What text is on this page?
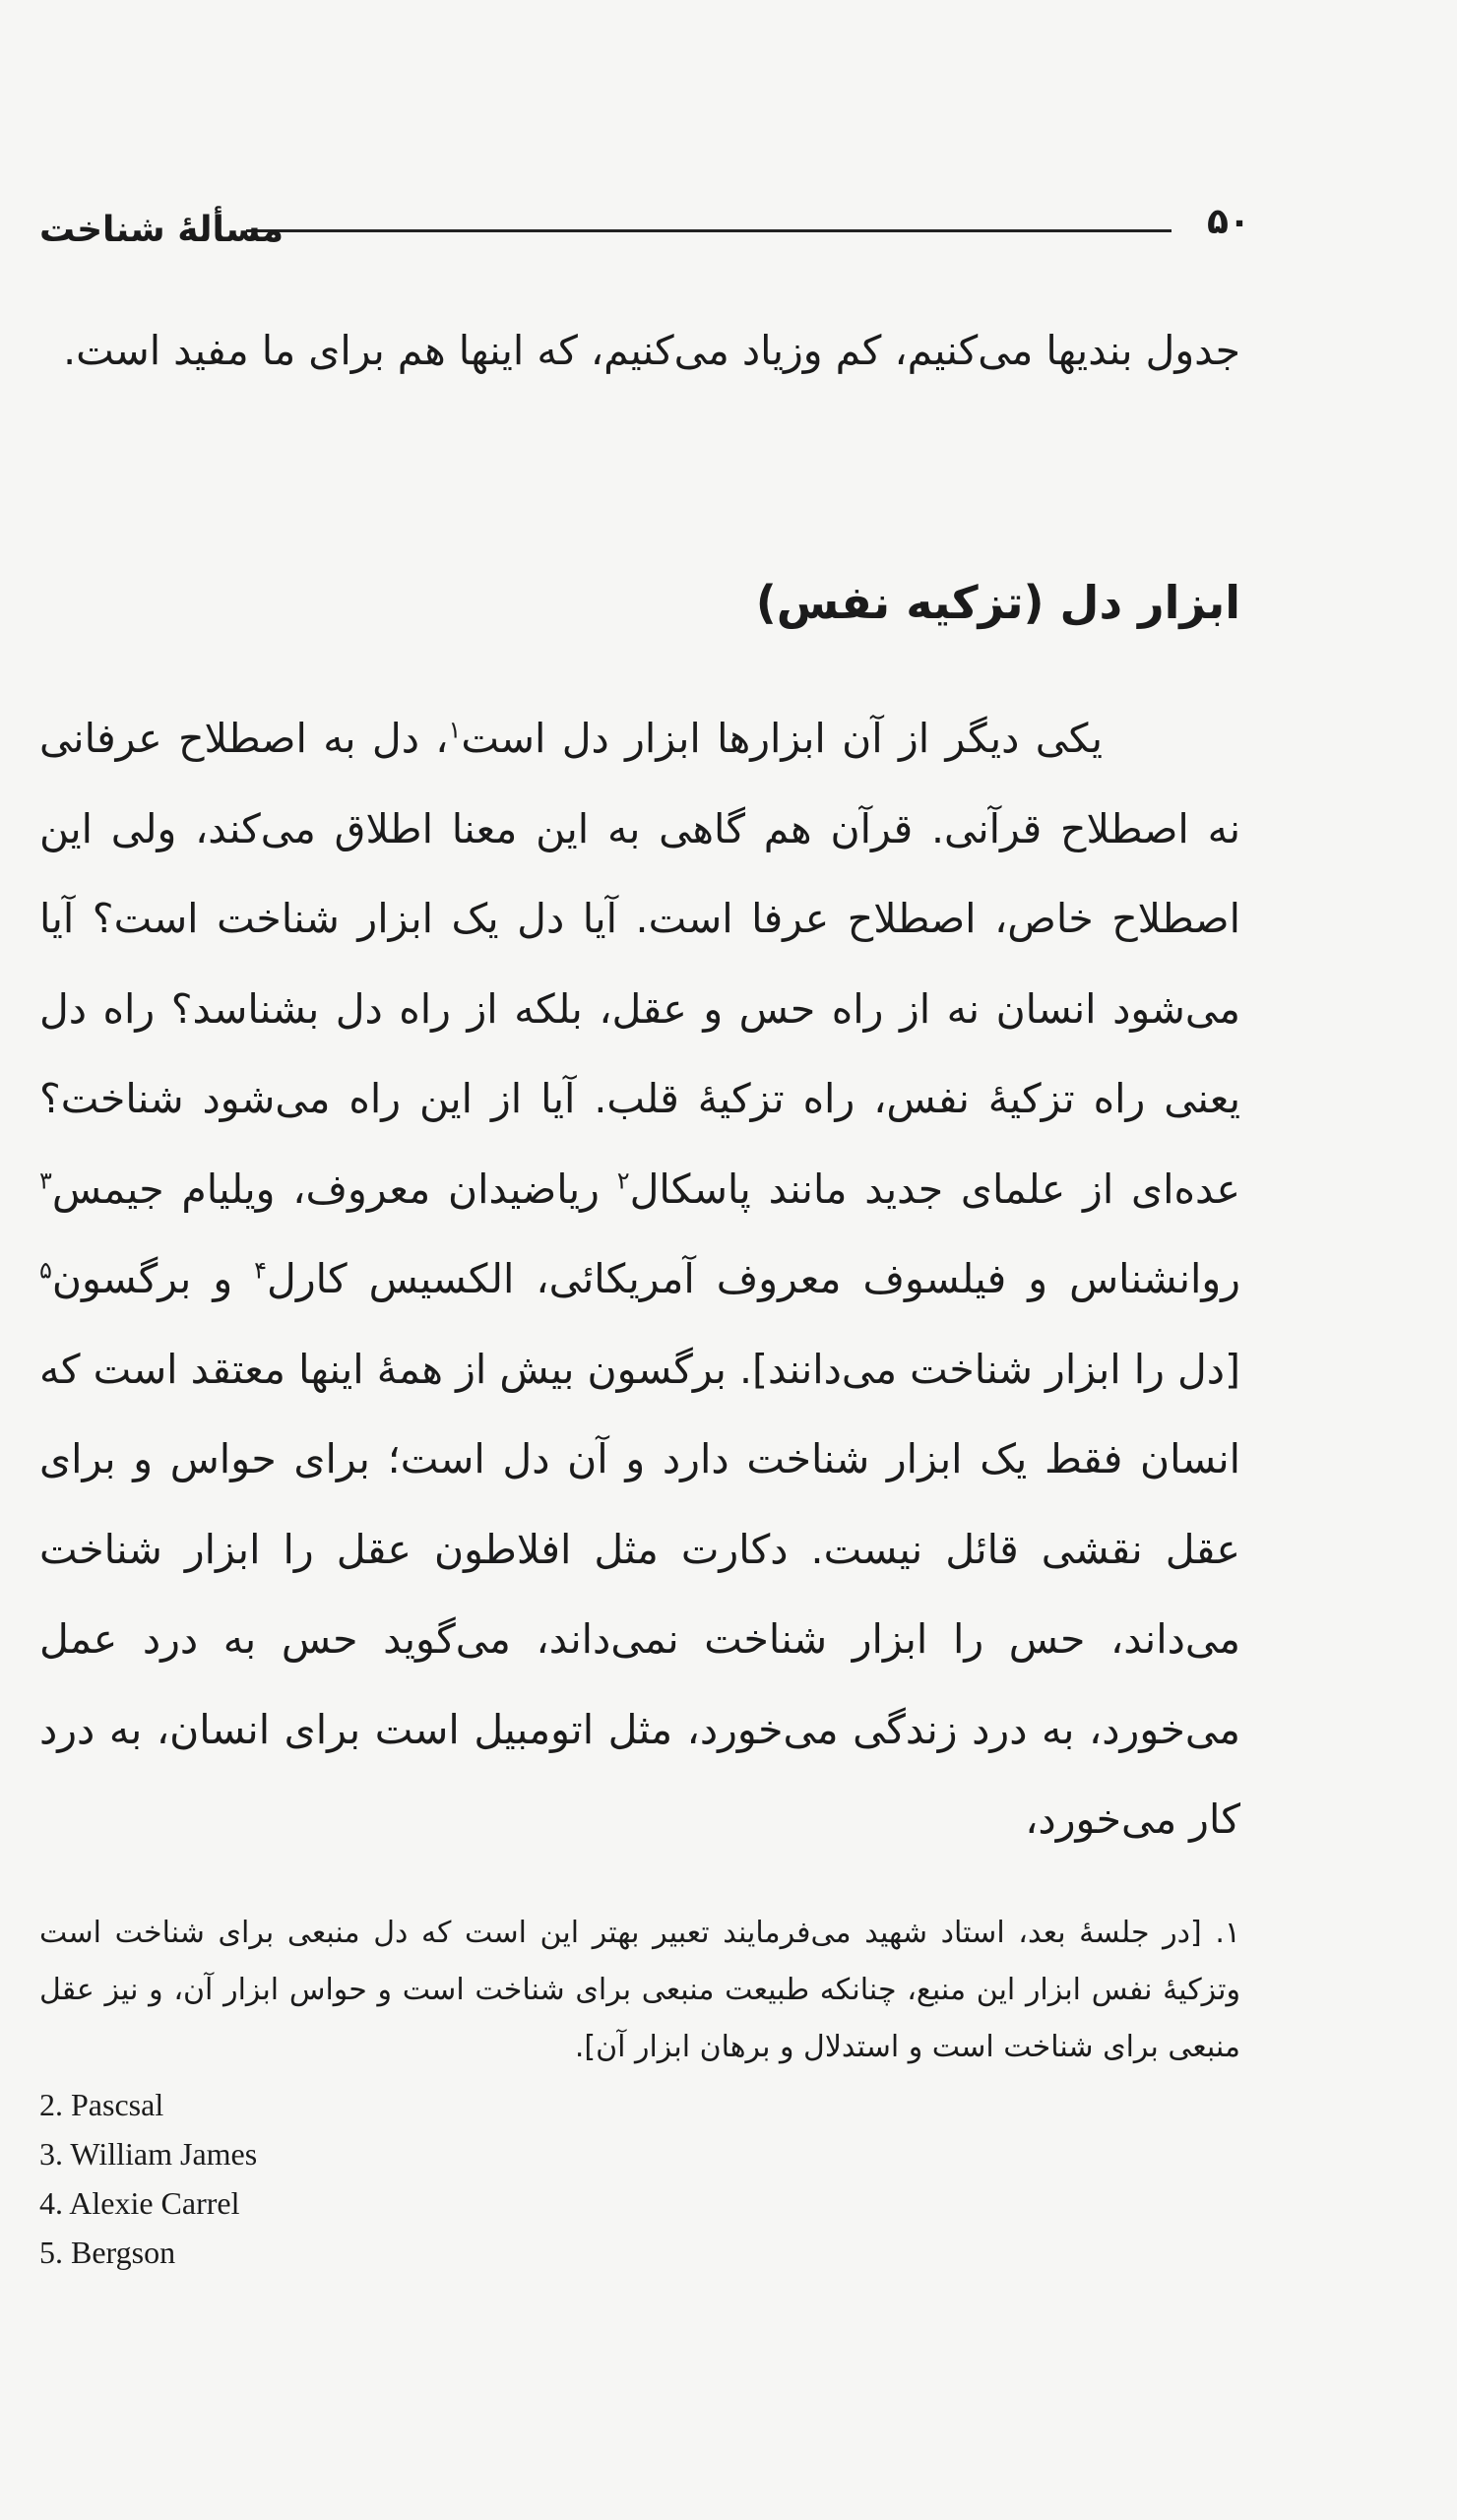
۵۰
مسألهٔ شناخت
جدول بندیها می‌کنیم، کم وزیاد می‌کنیم، که اینها هم برای ما مفید است.
ابزار دل (تزکیه نفس)
یکی دیگر از آن ابزارها ابزار دل است$^۱$، دل به اصطلاح عرفانی نه اصطلاح قرآنی. قرآن هم گاهی به این معنا اطلاق می‌کند، ولی این اصطلاح خاص، اصطلاح عرفا است. آیا دل یک ابزار شناخت است؟ آیا می‌شود انسان نه از راه حس و عقل، بلکه از راه دل بشناسد؟ راه دل یعنی راه تزکیهٔ نفس، راه تزکیهٔ قلب. آیا از این راه می‌شود شناخت؟ عده‌ای از علمای جدید مانند پاسکال$^۲$ ریاضیدان معروف، ویلیام جیمس$^۳$ روانشناس و فیلسوف معروف آمریکائی، الکسیس کارل$^۴$ و برگسون$^۵$ [دل را ابزار شناخت می‌دانند]. برگسون بیش از همهٔ اینها معتقد است که انسان فقط یک ابزار شناخت دارد و آن دل است؛ برای حواس و برای عقل نقشی قائل نیست. دکارت مثل افلاطون عقل را ابزار شناخت می‌داند، حس را ابزار شناخت نمی‌داند، می‌گوید حس به درد عمل می‌خورد، به درد زندگی می‌خورد، مثل اتومبیل است برای انسان، به درد کار می‌خورد،
۱. [در جلسهٔ بعد، استاد شهید می‌فرمایند تعبیر بهتر این است که دل منبعی برای شناخت است وتزکیهٔ نفس ابزار این منبع، چنانکه طبیعت منبعی برای شناخت است و حواس ابزار آن، و نیز عقل منبعی برای شناخت است و استدلال و برهان ابزار آن].
2. Pascsal
3. William James
4. Alexie Carrel
5. Bergson
